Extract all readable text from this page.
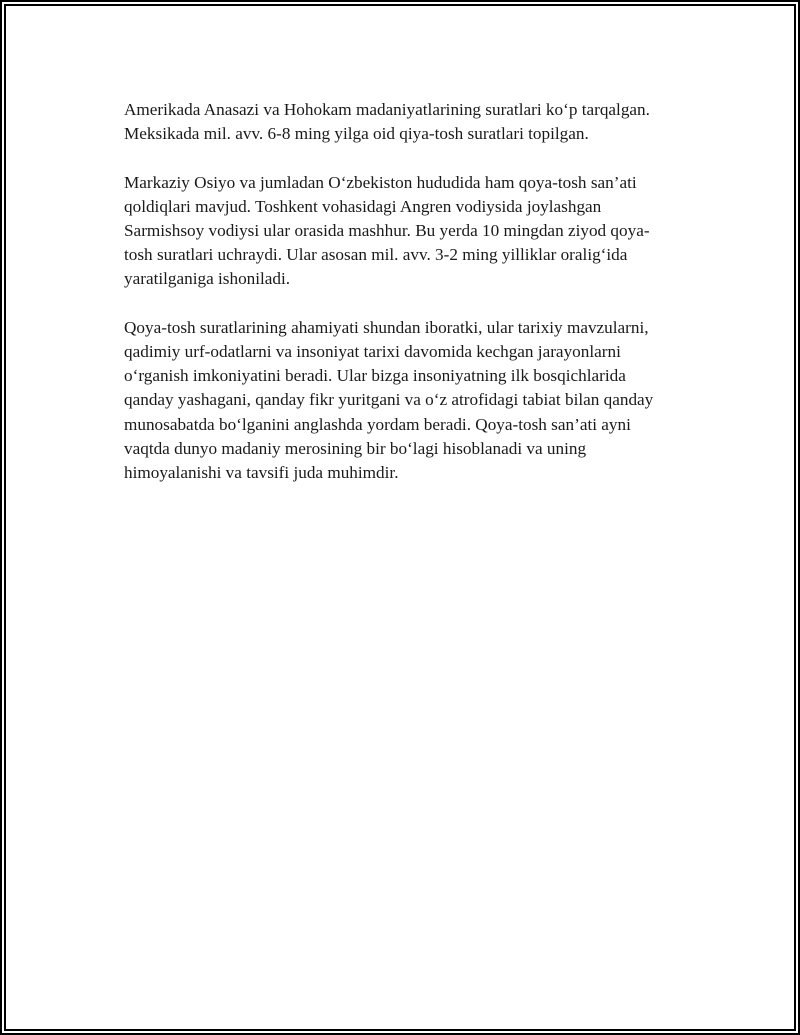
Amerikada Anasazi va Hohokam madaniyatlarining suratlari ko‘p tarqalgan.
Meksikada mil. avv. 6-8 ming yilga oid qiya-tosh suratlari topilgan.

Markaziy Osiyo va jumladan O‘zbekiston hududida ham qoya-tosh san’ati
qoldiqlari mavjud. Toshkent vohasidagi Angren vodiysida joylashgan
Sarmishsoy vodiysi ular orasida mashhur. Bu yerda 10 mingdan ziyod qoya-
tosh suratlari uchraydi. Ular asosan mil. avv. 3-2 ming yilliklar oralig‘ida
yaratilganiga ishoniladi.

Qoya-tosh suratlarining ahamiyati shundan iboratki, ular tarixiy mavzularni,
qadimiy urf-odatlarni va insoniyat tarixi davomida kechgan jarayonlarni
o‘rganish imkoniyatini beradi. Ular bizga insoniyatning ilk bosqichlarida
qanday yashagani, qanday fikr yuritgani va o‘z atrofidagi tabiat bilan qanday
munosabatda bo‘lganini anglashda yordam beradi. Qoya-tosh san’ati ayni
vaqtda dunyo madaniy merosining bir bo‘lagi hisoblanadi va uning
himoyalanishi va tavsifi juda muhimdir.
